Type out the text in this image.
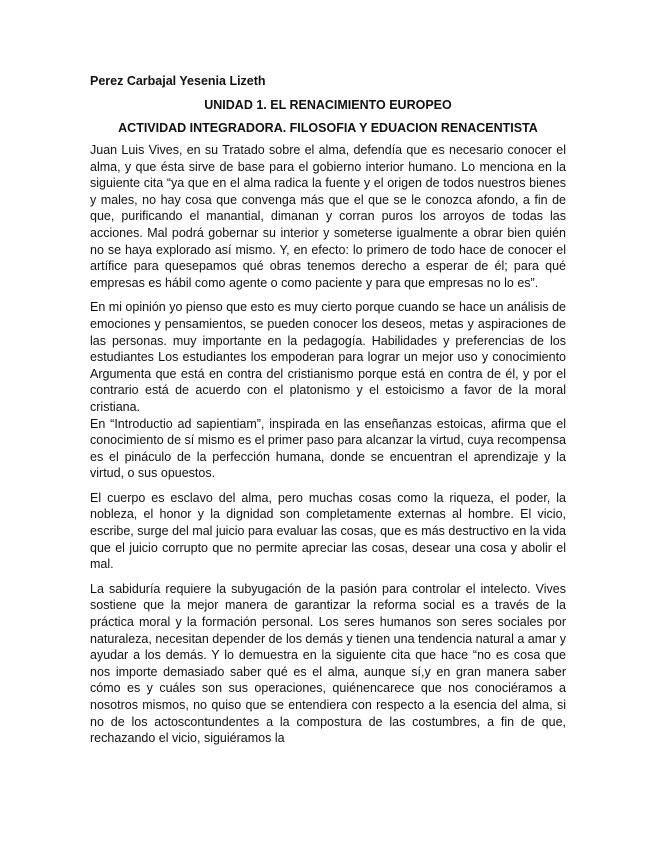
Perez Carbajal Yesenia Lizeth
UNIDAD 1. EL RENACIMIENTO EUROPEO
ACTIVIDAD INTEGRADORA. FILOSOFIA Y EDUACION RENACENTISTA

Juan Luis Vives, en su Tratado sobre el alma, defendía que es necesario conocer el alma, y que ésta sirve de base para el gobierno interior humano. Lo menciona en la siguiente cita “ya que en el alma radica la fuente y el origen de todos nuestros bienes y males, no hay cosa que convenga más que el que se le conozca afondo, a fin de que, purificando el manantial, dimanan y corran puros los arroyos de todas las acciones. Mal podrá gobernar su interior y someterse igualmente a obrar bien quién no se haya explorado así mismo. Y, en efecto: lo primero de todo hace de conocer el artífice para quesepamos qué obras tenemos derecho a esperar de él; para qué empresas es hábil como agente o como paciente y para que empresas no lo es”.

En mi opinión yo pienso que esto es muy cierto porque cuando se hace un análisis de emociones y pensamientos, se pueden conocer los deseos, metas y aspiraciones de las personas. muy importante en la pedagogía. Habilidades y preferencias de los estudiantes Los estudiantes los empoderan para lograr un mejor uso y conocimiento Argumenta que está en contra del cristianismo porque está en contra de él, y por el contrario está de acuerdo con el platonismo y el estoicismo a favor de la moral cristiana.

En “Introductio ad sapientiam”, inspirada en las enseñanzas estoicas, afirma que el conocimiento de sí mismo es el primer paso para alcanzar la virtud, cuya recompensa es el pináculo de la perfección humana, donde se encuentran el aprendizaje y la virtud, o sus opuestos.

El cuerpo es esclavo del alma, pero muchas cosas como la riqueza, el poder, la nobleza, el honor y la dignidad son completamente externas al hombre. El vicio, escribe, surge del mal juicio para evaluar las cosas, que es más destructivo en la vida que el juicio corrupto que no permite apreciar las cosas, desear una cosa y abolir el mal.

La sabiduría requiere la subyugación de la pasión para controlar el intelecto. Vives sostiene que la mejor manera de garantizar la reforma social es a través de la práctica moral y la formación personal. Los seres humanos son seres sociales por naturaleza, necesitan depender de los demás y tienen una tendencia natural a amar y ayudar a los demás. Y lo demuestra en la siguiente cita que hace “no es cosa que nos importe demasiado saber qué es el alma, aunque sí,y en gran manera saber cómo es y cuáles son sus operaciones, quiénencarece que nos conociéramos a nosotros mismos, no quiso que se entendiera con respecto a la esencia del alma, si no de los actoscontundentes a la compostura de las costumbres, a fin de que, rechazando el vicio, siguiéramos la
